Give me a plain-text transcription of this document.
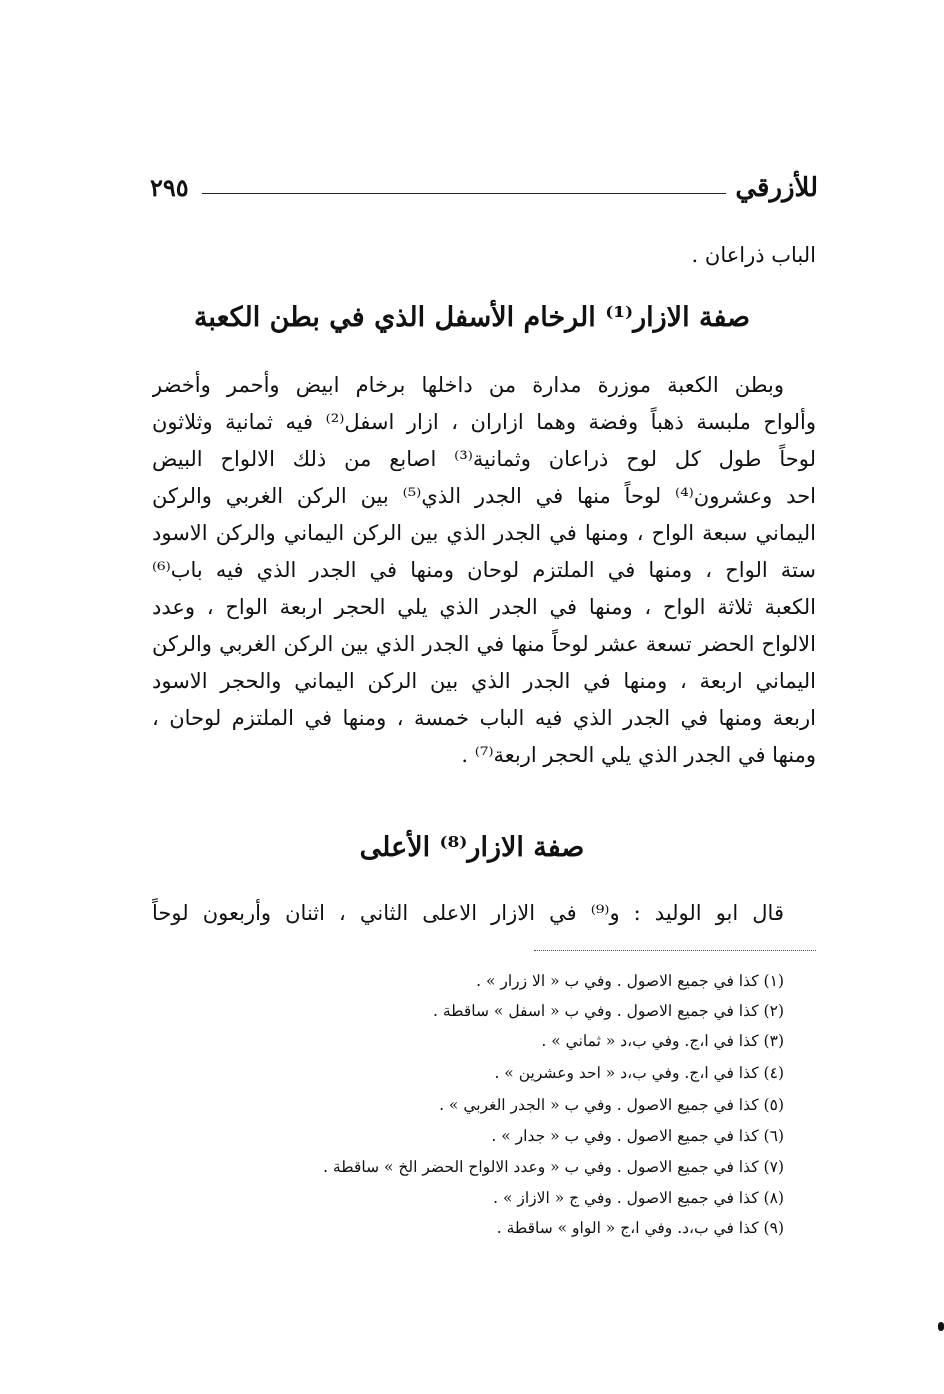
للأزرقي
٢٩٥
الباب ذراعان .
صفة الازار⁽¹⁾ الرخام الأسفل الذي في بطن الكعبة
وبطن الكعبة موزرة مدارة من داخلها برخام ابيض وأحمر وأخضر
وألواح ملبسة ذهباً وفضة وهما ازاران ، ازار اسفل⁽²⁾ فيه ثمانية وثلاثون
لوحاً طول كل لوح ذراعان وثمانية⁽³⁾ اصابع من ذلك الالواح البيض
احد وعشرون⁽⁴⁾ لوحاً منها في الجدر الذي⁽⁵⁾ بين الركن الغربي والركن
اليماني سبعة الواح ، ومنها في الجدر الذي بين الركن اليماني والركن الاسود
ستة الواح ، ومنها في الملتزم لوحان ومنها في الجدر الذي فيه باب⁽⁶⁾
الكعبة ثلاثة الواح ، ومنها في الجدر الذي يلي الحجر اربعة الواح ، وعدد
الالواح الحضر تسعة عشر لوحاً منها في الجدر الذي بين الركن الغربي والركن
اليماني اربعة ، ومنها في الجدر الذي بين الركن اليماني والحجر الاسود
اربعة ومنها في الجدر الذي فيه الباب خمسة ، ومنها في الملتزم لوحان ،
ومنها في الجدر الذي يلي الحجر اربعة⁽⁷⁾ .
صفة الازار⁽⁸⁾ الأعلى
قال ابو الوليد : و⁽⁹⁾ في الازار الاعلى الثاني ، اثنان وأربعون لوحاً
(١) كذا في جميع الاصول . وفي ب « الا زرار » .
(٢) كذا في جميع الاصول . وفي ب « اسفل » ساقطة .
(٣) كذا في ا،ج. وفي ب،د « ثماني » .
(٤) كذا في ا،ج. وفي ب،د « احد وعشرين » .
(٥) كذا في جميع الاصول . وفي ب « الجدر الغربي » .
(٦) كذا في جميع الاصول . وفي ب « جدار » .
(٧) كذا في جميع الاصول . وفي ب « وعدد الالواح الحضر الخ » ساقطة .
(٨) كذا في جميع الاصول . وفي ج « الازاز » .
(٩) كذا في ب،د. وفي ا،ج « الواو » ساقطة .
